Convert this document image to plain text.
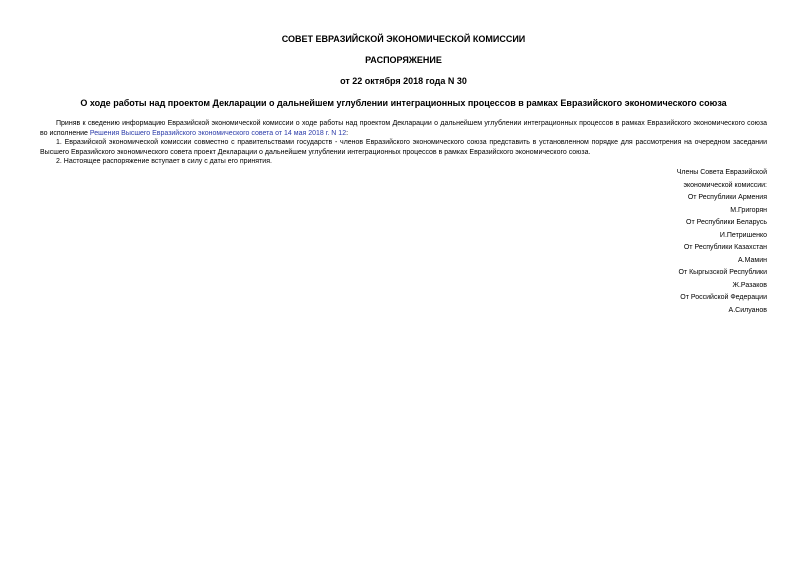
СОВЕТ ЕВРАЗИЙСКОЙ ЭКОНОМИЧЕСКОЙ КОМИССИИ
РАСПОРЯЖЕНИЕ
от 22 октября 2018 года N 30
О ходе работы над проектом Декларации о дальнейшем углублении интеграционных процессов в рамках Евразийского экономического союза
Приняв к сведению информацию Евразийской экономической комиссии о ходе работы над проектом Декларации о дальнейшем углублении интеграционных процессов в рамках Евразийского экономического союза во исполнение Решения Высшего Евразийского экономического совета от 14 мая 2018 г. N 12:
1. Евразийской экономической комиссии совместно с правительствами государств - членов Евразийского экономического союза представить в установленном порядке для рассмотрения на очередном заседании Высшего Евразийского экономического совета проект Декларации о дальнейшем углублении интеграционных процессов в рамках Евразийского экономического союза.
2. Настоящее распоряжение вступает в силу с даты его принятия.
Члены Совета Евразийской
экономической комиссии:
От Республики Армения
М.Григорян
От Республики Беларусь
И.Петришенко
От Республики Казахстан
А.Мамин
От Кыргызской Республики
Ж.Разаков
От Российской Федерации
А.Силуанов
